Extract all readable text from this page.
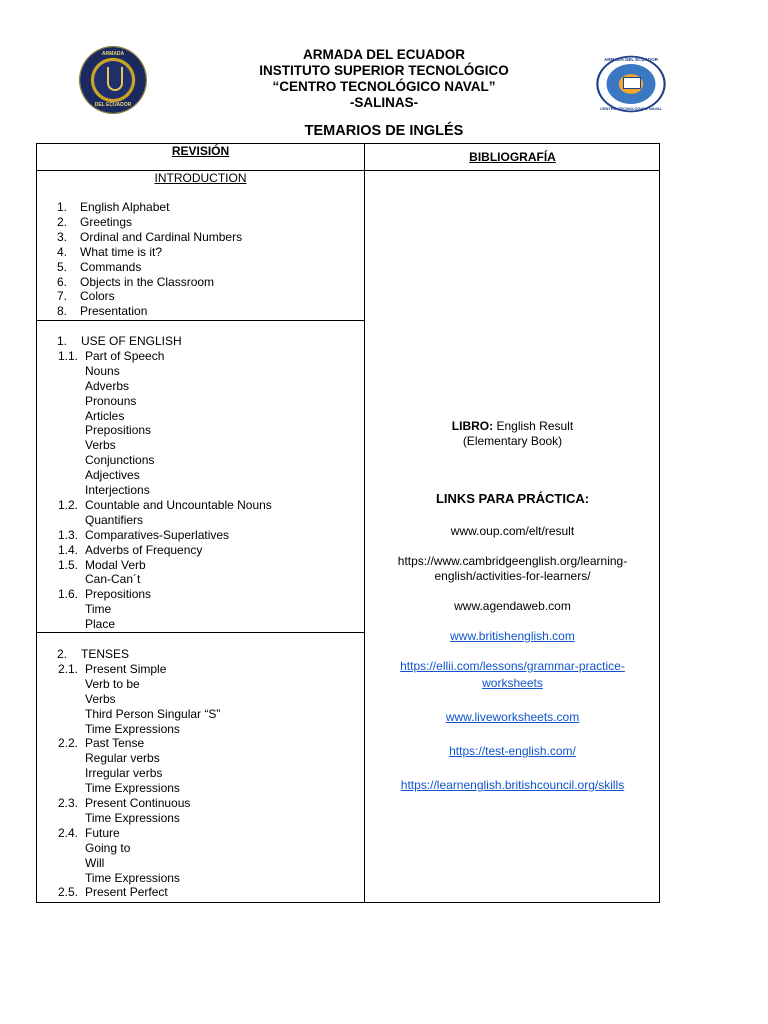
ARMADA DEL ECUADOR
INSTITUTO SUPERIOR TECNOLÓGICO
“CENTRO TECNOLÓGICO NAVAL”
-SALINAS-
TEMARIOS DE INGLÉS
ARMADA
DEL ECUADOR
ARMADA DEL ECUADOR
CENTRO TECNOLÓGICO NAVAL
REVISIÓN	BIBLIOGRAFÍA
INTRODUCTION
1. English Alphabet
2. Greetings
3. Ordinal and Cardinal Numbers
4. What time is it?
5. Commands
6. Objects in the Classroom
7. Colors
8. Presentation
1. USE OF ENGLISH
1.1. Part of Speech
Nouns
Adverbs
Pronouns
Articles
Prepositions
Verbs
Conjunctions
Adjectives
Interjections
1.2. Countable and Uncountable Nouns
Quantifiers
1.3. Comparatives-Superlatives
1.4. Adverbs of Frequency
1.5. Modal Verb
Can-Can´t
1.6. Prepositions
Time
Place
2. TENSES
2.1. Present Simple
Verb to be
Verbs
Third Person Singular “S”
Time Expressions
2.2. Past Tense
Regular verbs
Irregular verbs
Time Expressions
2.3. Present Continuous
Time Expressions
2.4. Future
Going to
Will
Time Expressions
2.5. Present Perfect
LIBRO: English Result
(Elementary Book)
LINKS PARA PRÁCTICA:
www.oup.com/elt/result
https://www.cambridgeenglish.org/learning-
english/activities-for-learners/
www.agendaweb.com
www.britishenglish.com
https://ellii.com/lessons/grammar-practice-
worksheets
www.liveworksheets.com
https://test-english.com/
https://learnenglish.britishcouncil.org/skills
